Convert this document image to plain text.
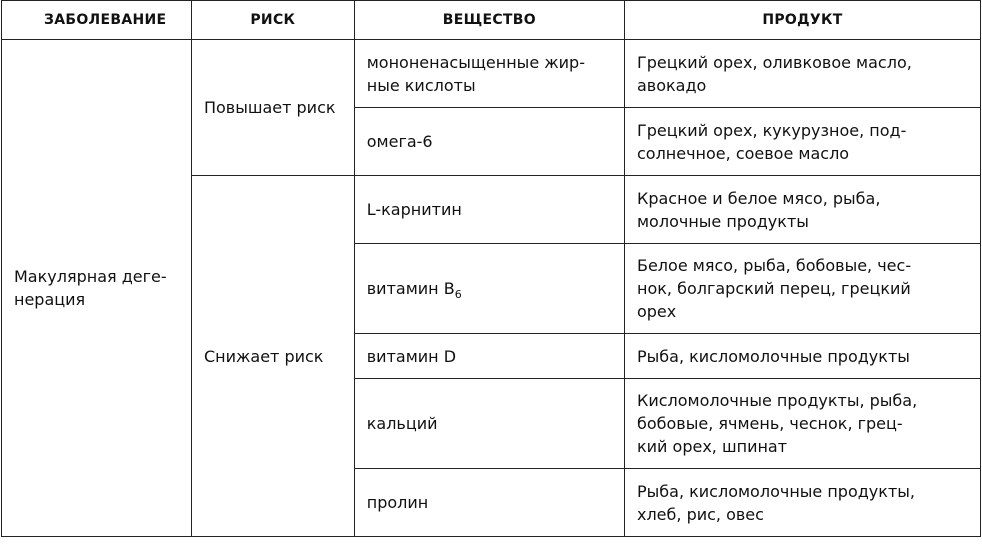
ЗАБОЛЕВАНИЕ	РИСК	ВЕЩЕСТВО	ПРОДУКТ

Макулярная деге-
нерация	Повышает риск	мононенасыщенные жир-
ные кислоты	Грецкий орех, оливковое масло,
авокадо

		омега-6	Грецкий орех, кукурузное, под-
солнечное, соевое масло

	Снижает риск	L-карнитин	Красное и белое мясо, рыба,
молочные продукты

		витамин $B_6$	Белое мясо, рыба, бобовые, чес-
нок, болгарский перец, грецкий
орех

		витамин D	Рыба, кисломолочные продукты

		кальций	Кисломолочные продукты, рыба,
бобовые, ячмень, чеснок, грец-
кий орех, шпинат

		пролин	Рыба, кисломолочные продукты,
хлеб, рис, овес
